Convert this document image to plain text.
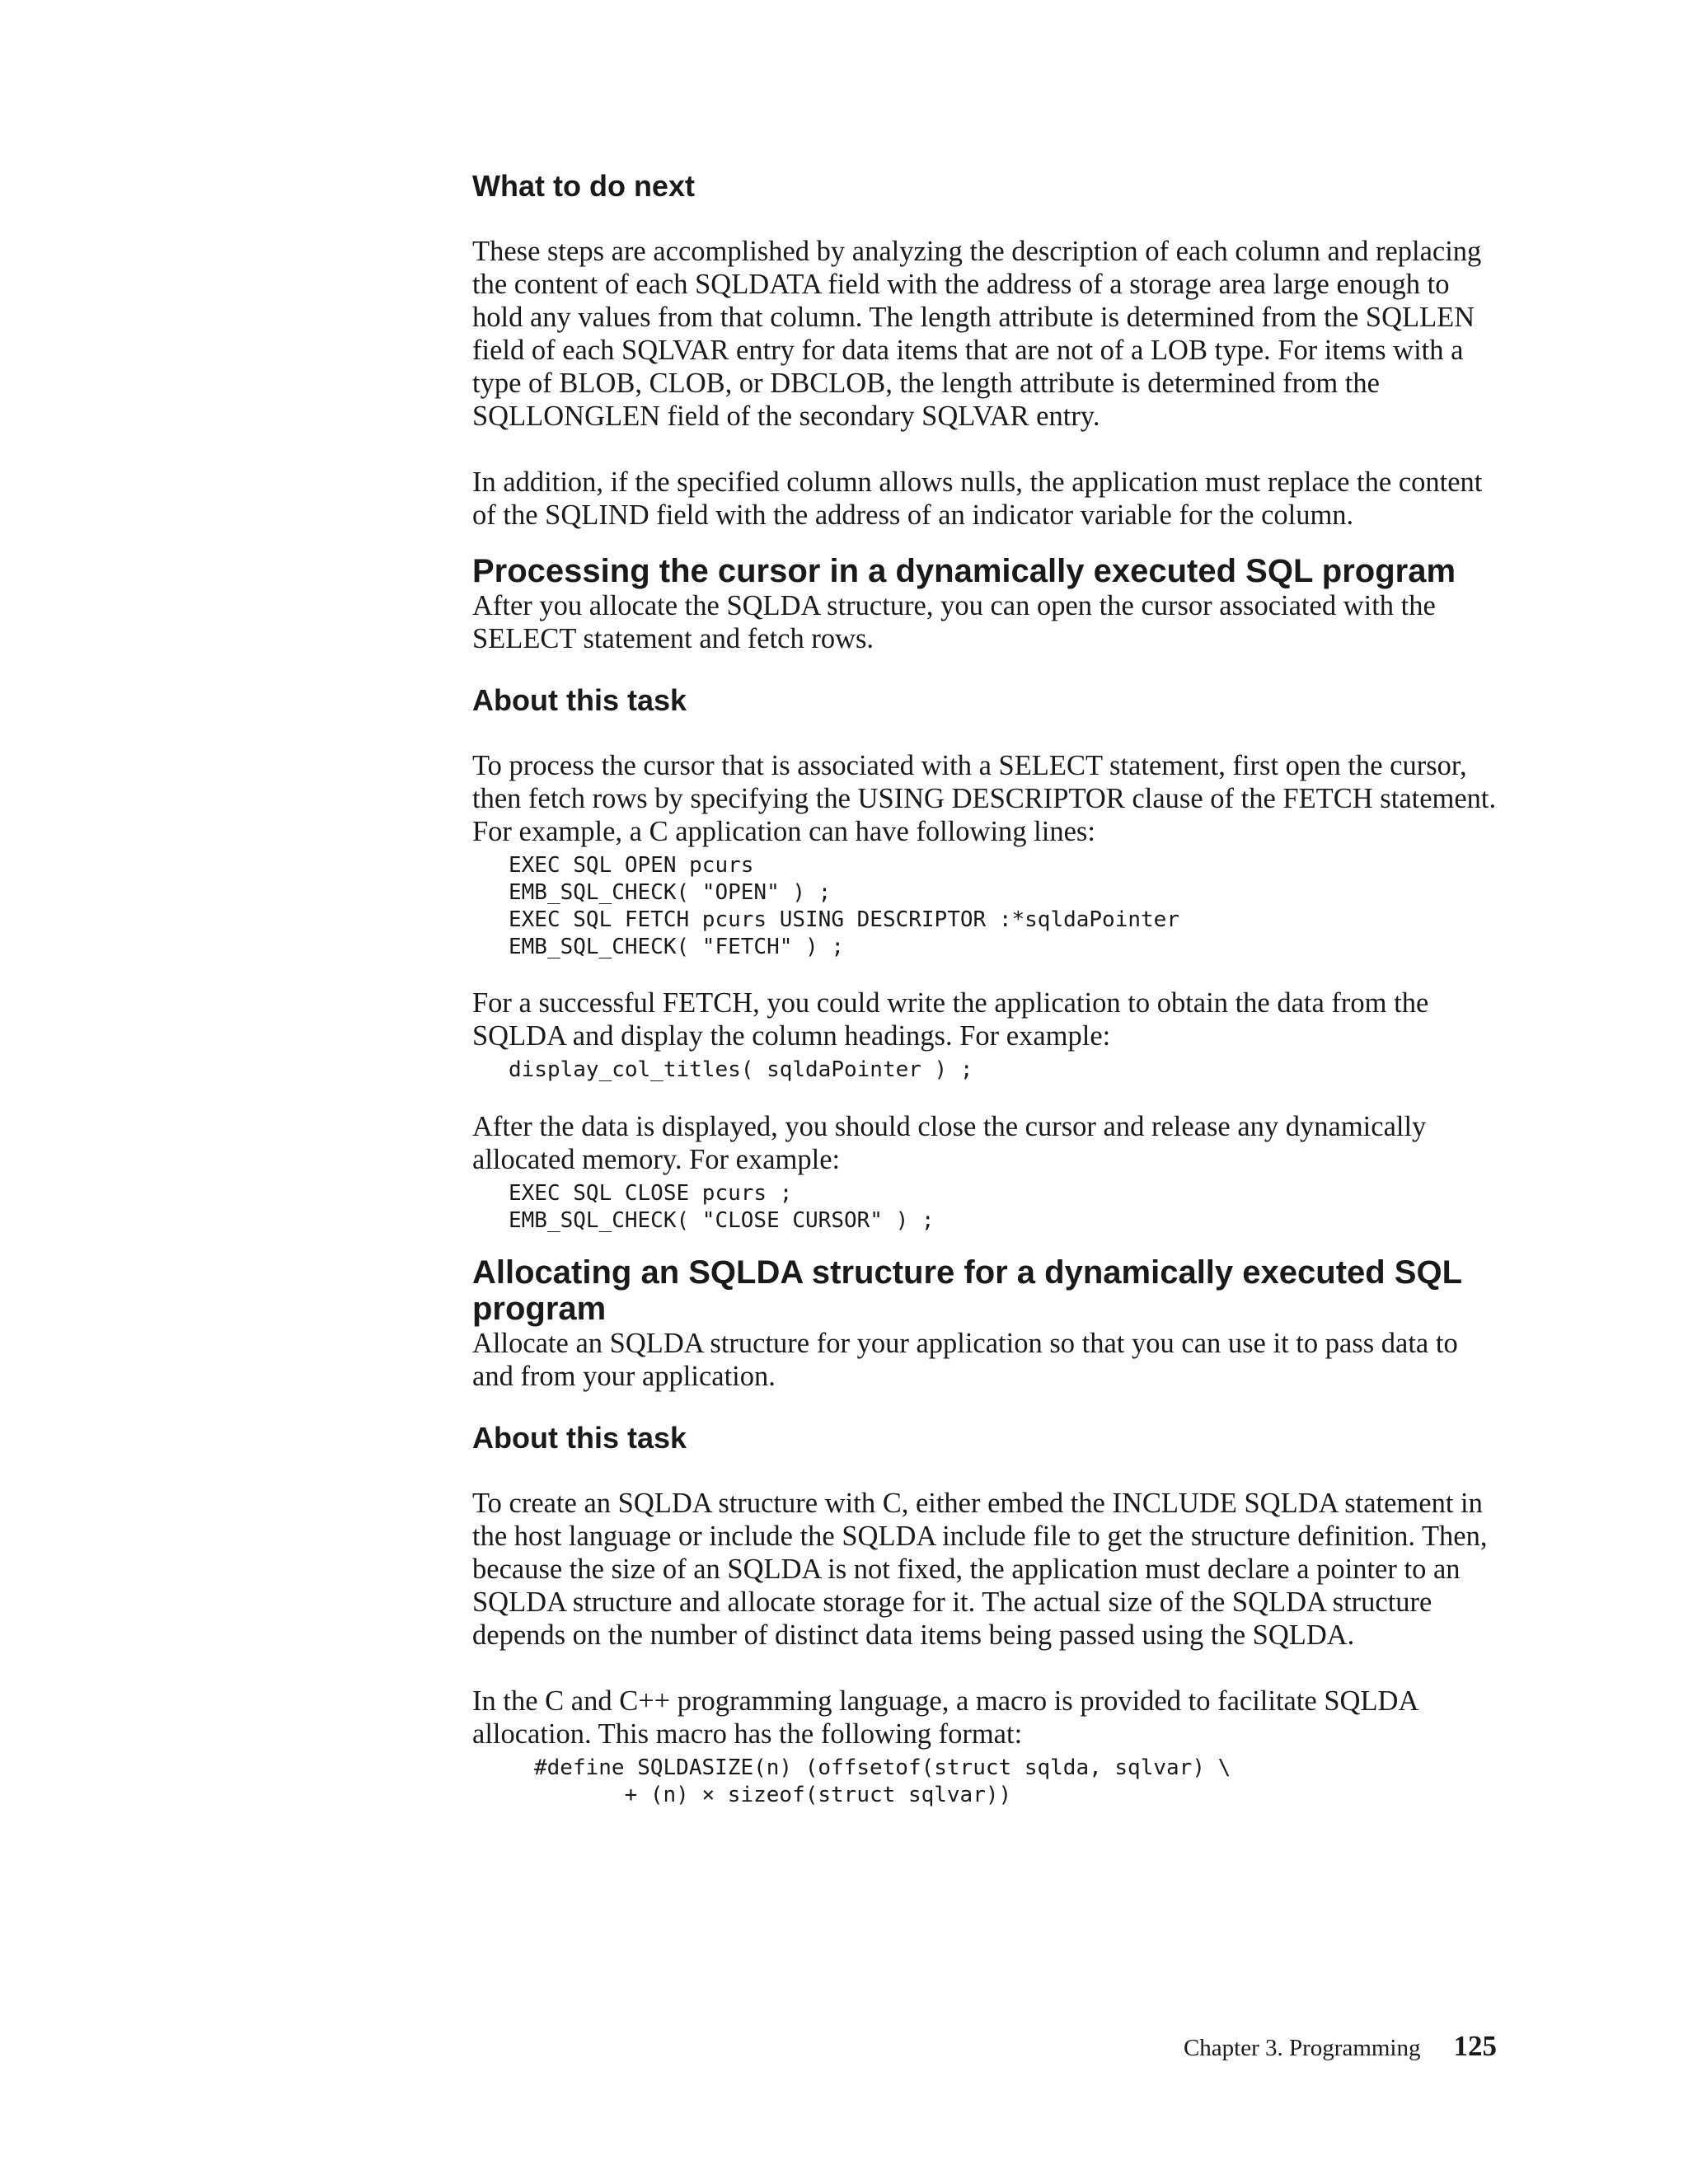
What to do next

These steps are accomplished by analyzing the description of each column and replacing the content of each SQLDATA field with the address of a storage area large enough to hold any values from that column. The length attribute is determined from the SQLLEN field of each SQLVAR entry for data items that are not of a LOB type. For items with a type of BLOB, CLOB, or DBCLOB, the length attribute is determined from the SQLLONGLEN field of the secondary SQLVAR entry.

In addition, if the specified column allows nulls, the application must replace the content of the SQLIND field with the address of an indicator variable for the column.

Processing the cursor in a dynamically executed SQL program

After you allocate the SQLDA structure, you can open the cursor associated with the SELECT statement and fetch rows.

About this task

To process the cursor that is associated with a SELECT statement, first open the cursor, then fetch rows by specifying the USING DESCRIPTOR clause of the FETCH statement. For example, a C application can have following lines:

EXEC SQL OPEN pcurs
EMB_SQL_CHECK( "OPEN" ) ;
EXEC SQL FETCH pcurs USING DESCRIPTOR :*sqldaPointer
EMB_SQL_CHECK( "FETCH" ) ;

For a successful FETCH, you could write the application to obtain the data from the SQLDA and display the column headings. For example:

display_col_titles( sqldaPointer ) ;

After the data is displayed, you should close the cursor and release any dynamically allocated memory. For example:

EXEC SQL CLOSE pcurs ;
EMB_SQL_CHECK( "CLOSE CURSOR" ) ;
Allocating an SQLDA structure for a dynamically executed SQL program

Allocate an SQLDA structure for your application so that you can use it to pass data to and from your application.

About this task

To create an SQLDA structure with C, either embed the INCLUDE SQLDA statement in the host language or include the SQLDA include file to get the structure definition. Then, because the size of an SQLDA is not fixed, the application must declare a pointer to an SQLDA structure and allocate storage for it. The actual size of the SQLDA structure depends on the number of distinct data items being passed using the SQLDA.

In the C and C++ programming language, a macro is provided to facilitate SQLDA allocation. This macro has the following format:

#define SQLDASIZE(n) (offsetof(struct sqlda, sqlvar) \
+ (n) × sizeof(struct sqlvar))
Chapter 3. Programming 125
